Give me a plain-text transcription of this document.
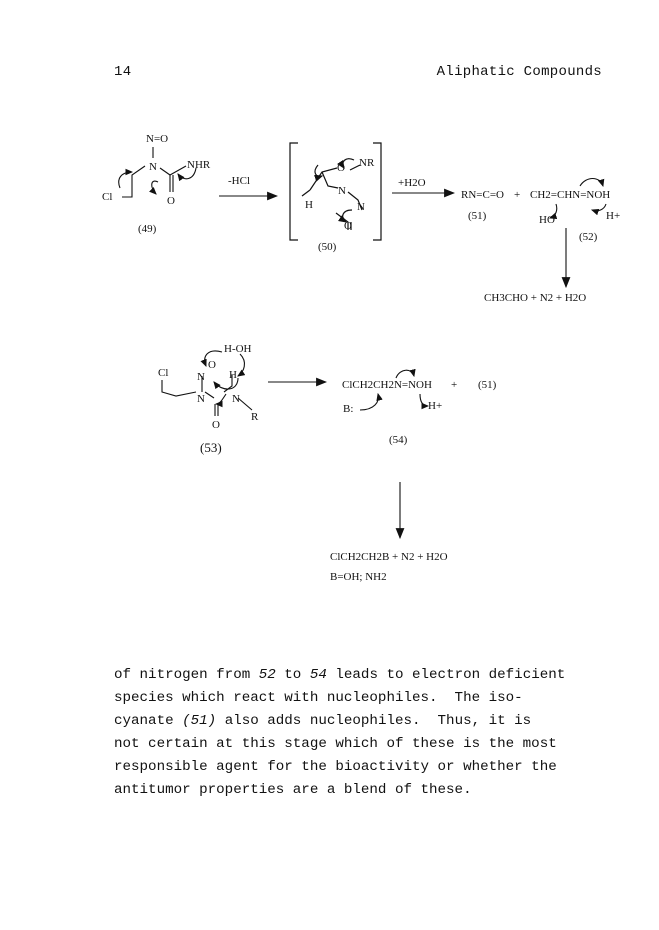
14	Aliphatic Compounds
N=O
N	NHR
O
Cl
(49)
-HCl
O NR
N
H	N
O
(50)
+H2O
RN=C=O + CH2=CHN=NOH
HO	H+
(51)
(52)
CH3CHO + N2 + H2O
H-OH
O
Cl	N H
N N
R
O
(53)
ClCH2CH2N=NOH + (51)
B:	H+
(54)
ClCH2CH2B + N2 + H2O
B=OH; NH2
of nitrogen from 52 to 54 leads to electron deficient
species which react with nucleophiles.  The iso-
cyanate (51) also adds nucleophiles.  Thus, it is
not certain at this stage which of these is the most
responsible agent for the bioactivity or whether the
antitumor properties are a blend of these.
